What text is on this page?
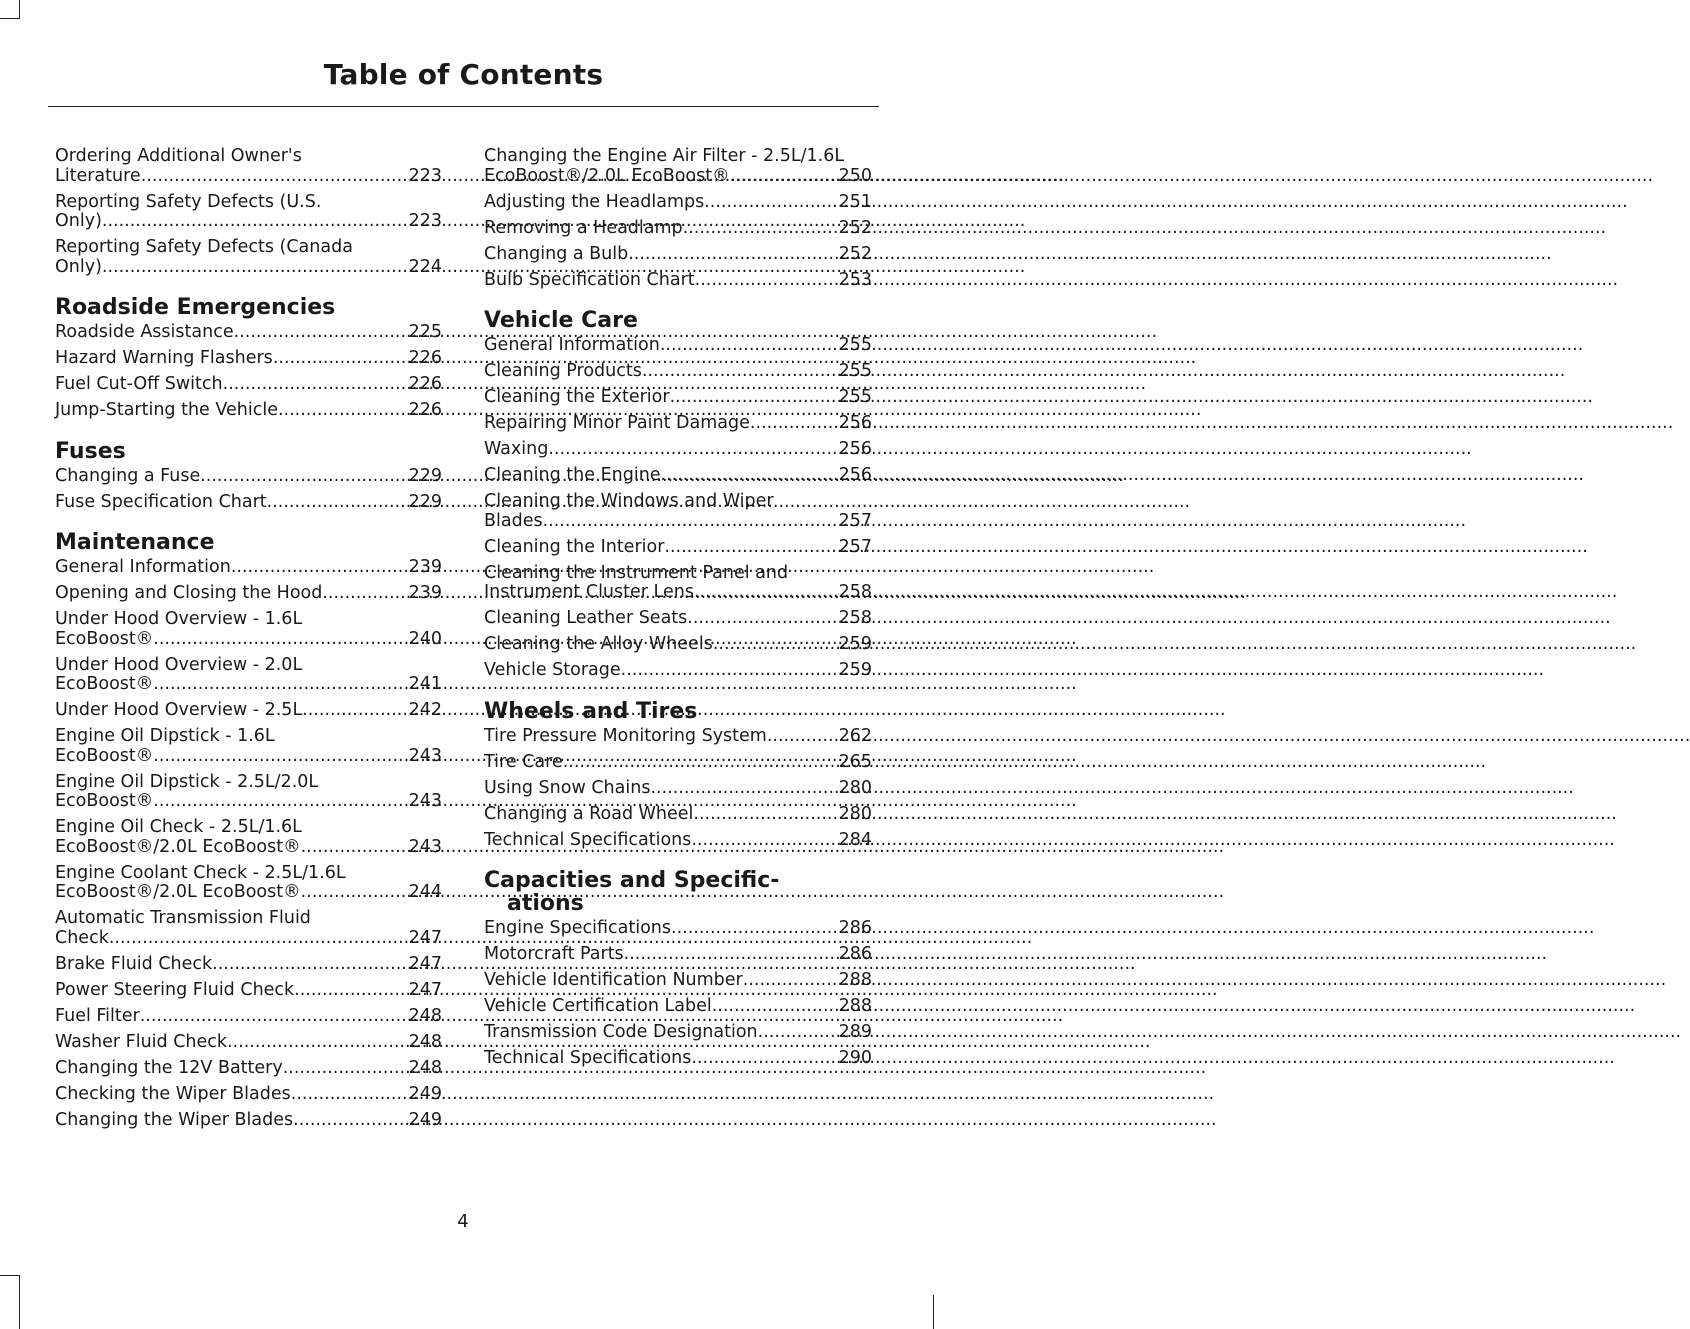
Table of Contents
Ordering Additional Owner's
Literature .....	223
Reporting Safety Defects (U.S.
Only) .....	223
Reporting Safety Defects (Canada
Only) .....	224
Roadside Emergencies
Roadside Assistance .....	225
Hazard Warning Flashers .....	226
Fuel Cut-Off Switch .....	226
Jump-Starting the Vehicle .....	226
Fuses
Changing a Fuse .....	229
Fuse Specification Chart .....	229
Maintenance
General Information .....	239
Opening and Closing the Hood .....	239
Under Hood Overview - 1.6L
EcoBoost® .....	240
Under Hood Overview - 2.0L
EcoBoost® .....	241
Under Hood Overview - 2.5L .....	242
Engine Oil Dipstick - 1.6L
EcoBoost® .....	243
Engine Oil Dipstick - 2.5L/2.0L
EcoBoost® .....	243
Engine Oil Check - 2.5L/1.6L
EcoBoost®/2.0L EcoBoost® .....	243
Engine Coolant Check - 2.5L/1.6L
EcoBoost®/2.0L EcoBoost® .....	244
Automatic Transmission Fluid
Check .....	247
Brake Fluid Check .....	247
Power Steering Fluid Check .....	247
Fuel Filter .....	248
Washer Fluid Check .....	248
Changing the 12V Battery .....	248
Checking the Wiper Blades .....	249
Changing the Wiper Blades .....	249
Changing the Engine Air Filter - 2.5L/1.6L
EcoBoost®/2.0L EcoBoost® .....	250
Adjusting the Headlamps .....	251
Removing a Headlamp .....	252
Changing a Bulb .....	252
Bulb Specification Chart .....	253
Vehicle Care
General Information .....	255
Cleaning Products .....	255
Cleaning the Exterior .....	255
Repairing Minor Paint Damage .....	256
Waxing .....	256
Cleaning the Engine .....	256
Cleaning the Windows and Wiper
Blades .....	257
Cleaning the Interior .....	257
Cleaning the Instrument Panel and
Instrument Cluster Lens .....	258
Cleaning Leather Seats .....	258
Cleaning the Alloy Wheels .....	259
Vehicle Storage .....	259
Wheels and Tires
Tire Pressure Monitoring System .....	262
Tire Care .....	265
Using Snow Chains .....	280
Changing a Road Wheel .....	280
Technical Specifications .....	284
Capacities and Specific-
ations
Engine Specifications .....	286
Motorcraft Parts .....	286
Vehicle Identification Number .....	288
Vehicle Certification Label .....	288
Transmission Code Designation .....	289
Technical Specifications .....	290
4
